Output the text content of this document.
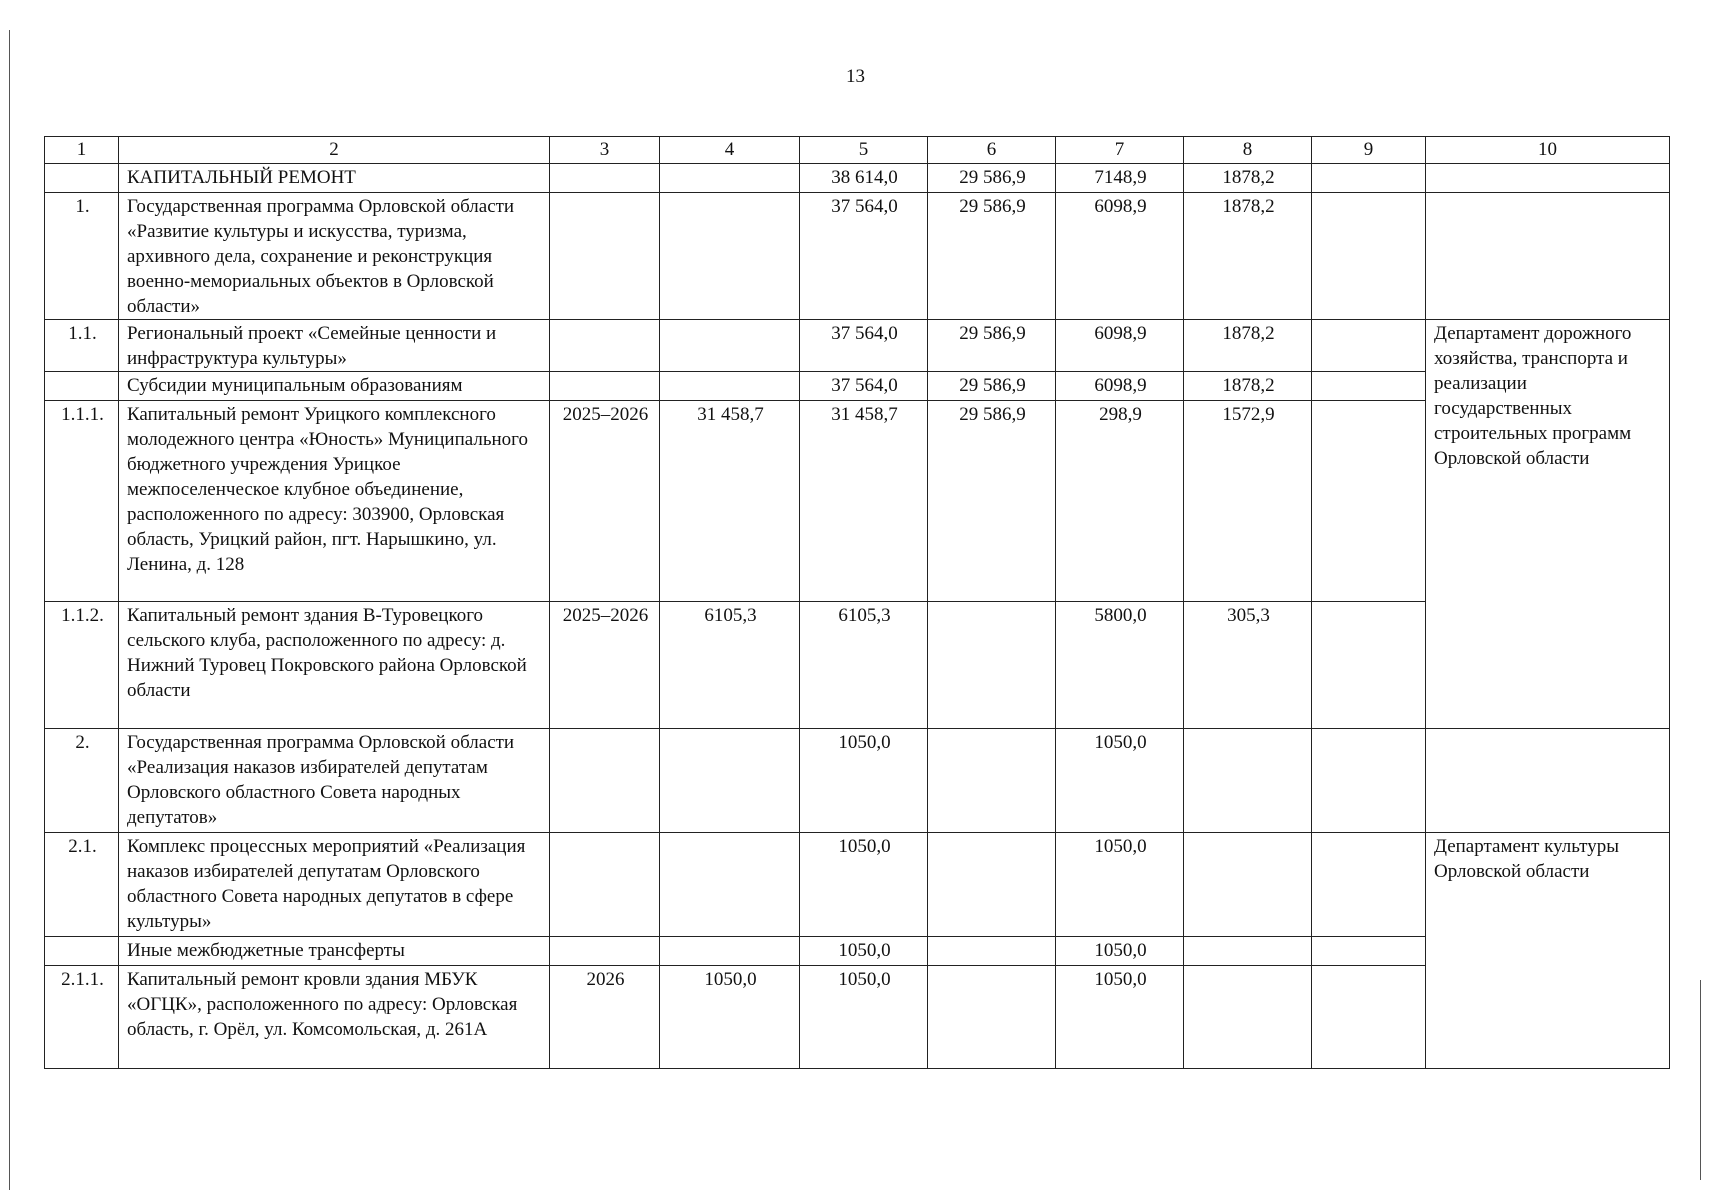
13
1	2	3	4	5	6	7	8	9	10
	КАПИТАЛЬНЫЙ РЕМОНТ			38 614,0	29 586,9	7148,9	1878,2		
1.	Государственная программа Орловской области «Развитие культуры и искусства, туризма, архивного дела, сохранение и реконструкция военно-мемориальных объектов в Орловской области»			37 564,0	29 586,9	6098,9	1878,2		
1.1.	Региональный проект «Семейные ценности и инфраструктура культуры»			37 564,0	29 586,9	6098,9	1878,2		Департамент дорожного хозяйства, транспорта и реализации государственных строительных программ Орловской области
	Субсидии муниципальным образованиям			37 564,0	29 586,9	6098,9	1878,2		
1.1.1.	Капитальный ремонт Урицкого комплексного молодежного центра «Юность» Муниципального бюджетного учреждения Урицкое межпоселенческое клубное объединение, расположенного по адресу: 303900, Орловская область, Урицкий район, пгт. Нарышкино, ул. Ленина, д. 128	2025–2026	31 458,7	31 458,7	29 586,9	298,9	1572,9		
1.1.2.	Капитальный ремонт здания В-Туровецкого сельского клуба, расположенного по адресу: д. Нижний Туровец Покровского района Орловской области	2025–2026	6105,3	6105,3		5800,0	305,3		
2.	Государственная программа Орловской области «Реализация наказов избирателей депутатам Орловского областного Совета народных депутатов»			1050,0		1050,0			
2.1.	Комплекс процессных мероприятий «Реализация наказов избирателей депутатам Орловского областного Совета народных депутатов в сфере культуры»			1050,0		1050,0			Департамент культуры Орловской области
	Иные межбюджетные трансферты			1050,0		1050,0			
2.1.1.	Капитальный ремонт кровли здания МБУК «ОГЦК», расположенного по адресу: Орловская область, г. Орёл, ул. Комсомольская, д. 261А	2026	1050,0	1050,0		1050,0			
